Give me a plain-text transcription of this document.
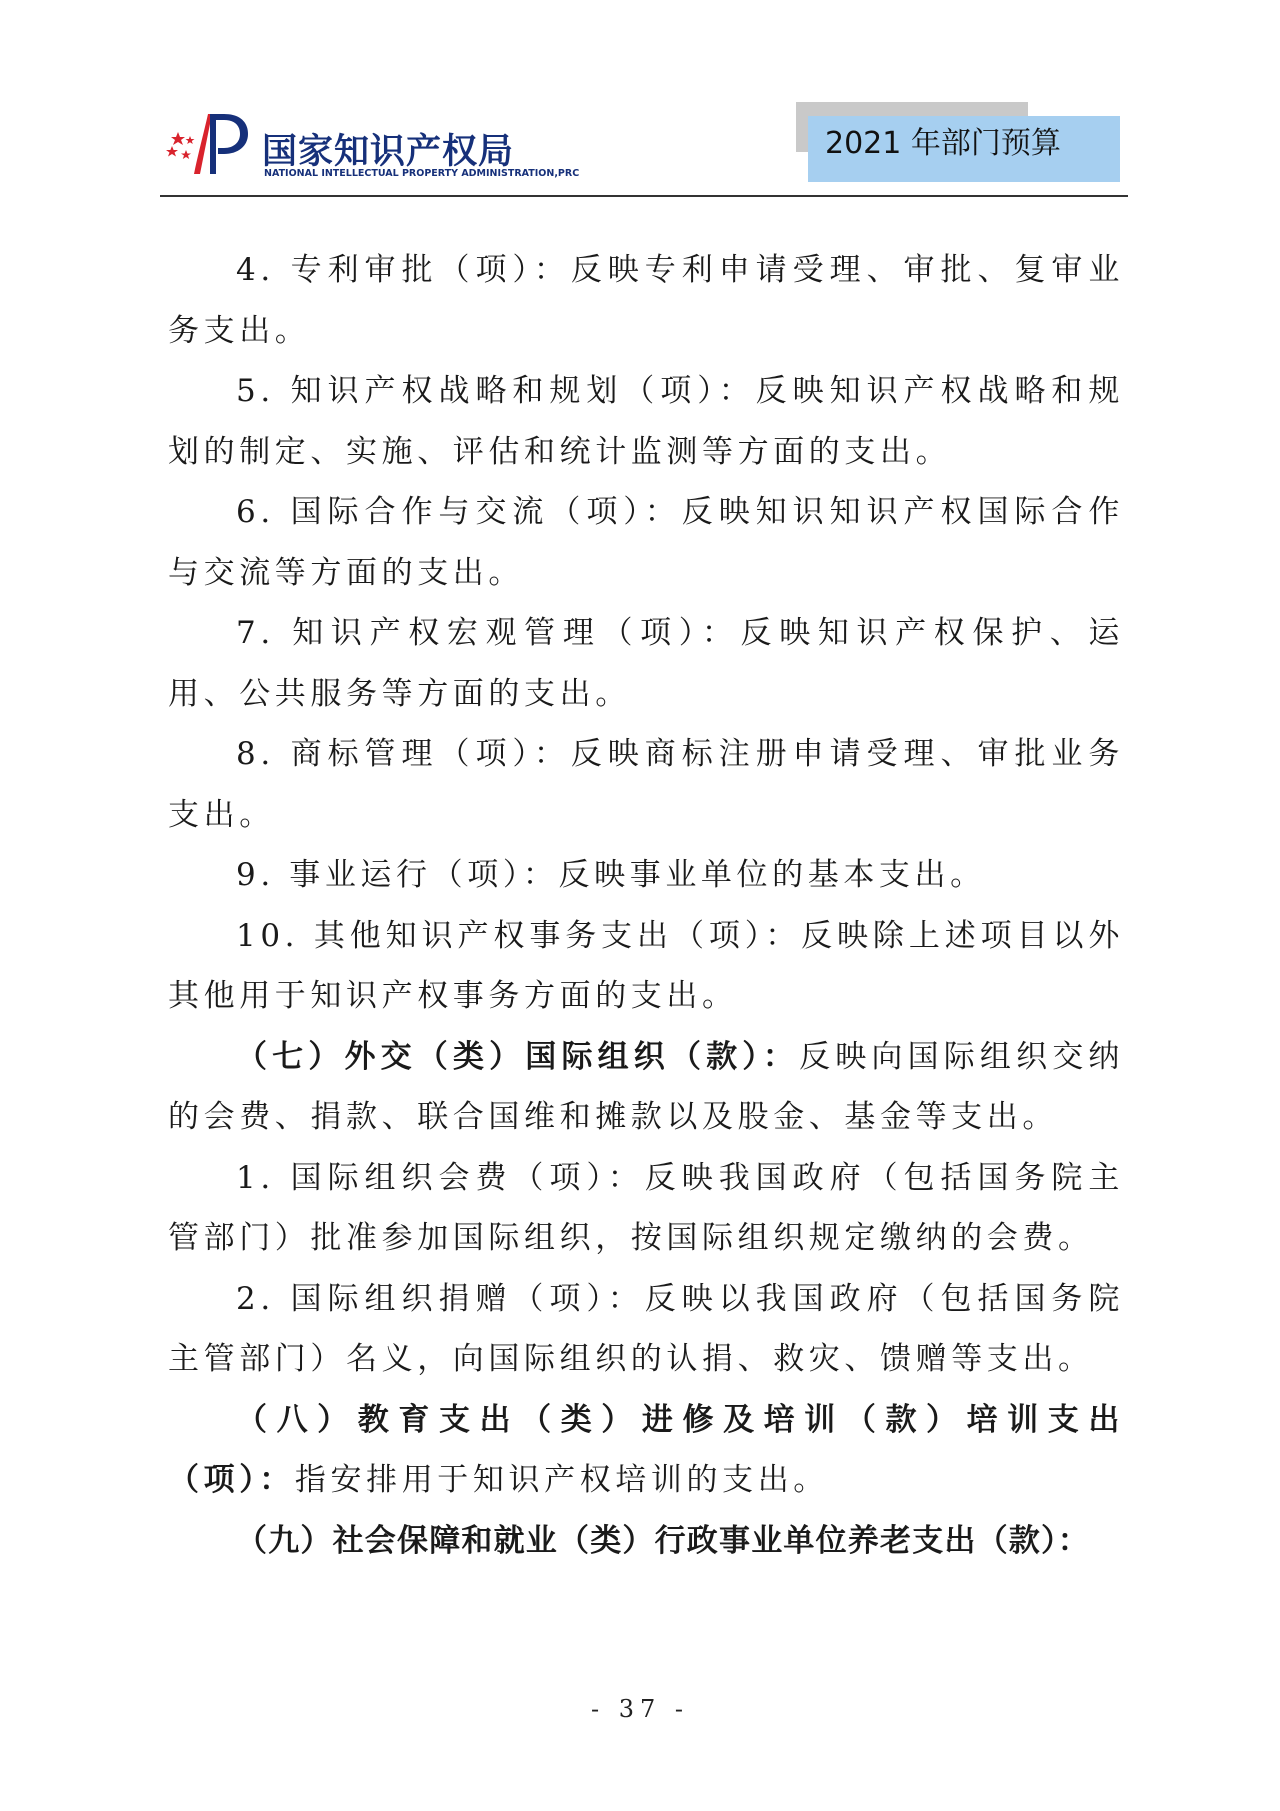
国家知识产权局
NATIONAL INTELLECTUAL PROPERTY ADMINISTRATION,PRC
2021 年部门预算

4. 专利审批（项）：反映专利申请受理、审批、复审业务支出。

5. 知识产权战略和规划（项）：反映知识产权战略和规划的制定、实施、评估和统计监测等方面的支出。

6. 国际合作与交流（项）：反映知识知识产权国际合作与交流等方面的支出。

7. 知识产权宏观管理（项）：反映知识产权保护、运用、公共服务等方面的支出。

8. 商标管理（项）：反映商标注册申请受理、审批业务支出。

9. 事业运行（项）：反映事业单位的基本支出。

10. 其他知识产权事务支出（项）：反映除上述项目以外其他用于知识产权事务方面的支出。

（七）外交（类）国际组织（款）：反映向国际组织交纳的会费、捐款、联合国维和摊款以及股金、基金等支出。

1. 国际组织会费（项）：反映我国政府（包括国务院主管部门）批准参加国际组织，按国际组织规定缴纳的会费。

2. 国际组织捐赠（项）：反映以我国政府（包括国务院主管部门）名义，向国际组织的认捐、救灾、馈赠等支出。

（八）教育支出（类）进修及培训（款）培训支出（项）：指安排用于知识产权培训的支出。

（九）社会保障和就业（类）行政事业单位养老支出（款）：

- 37 -
